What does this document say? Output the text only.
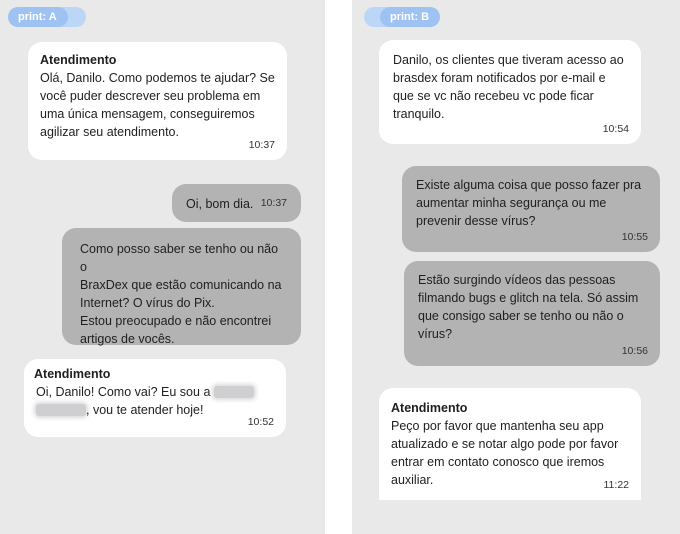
print: A
Atendimento
Olá, Danilo. Como podemos te ajudar? Se
você puder descrever seu problema em
uma única mensagem, conseguiremos
agilizar seu atendimento.
10:37
Oi, bom dia. 10:37
Como posso saber se tenho ou não o
BraxDex que estão comunicando na
Internet? O vírus do Pix.
Estou preocupado e não encontrei
artigos de vocês.
Atendimento
Oi, Danilo! Como vai? Eu sou a
, vou te atender hoje!
10:52
print: B
Danilo, os clientes que tiveram acesso ao
brasdex foram notificados por e-mail e
que se vc não recebeu vc pode ficar
tranquilo.
10:54
Existe alguma coisa que posso fazer pra
aumentar minha segurança ou me
prevenir desse vírus?
10:55
Estão surgindo vídeos das pessoas
filmando bugs e glitch na tela. Só assim
que consigo saber se tenho ou não o
vírus?
10:56
Atendimento
Peço por favor que mantenha seu app
atualizado e se notar algo pode por favor
entrar em contato conosco que iremos
auxiliar.	11:22
